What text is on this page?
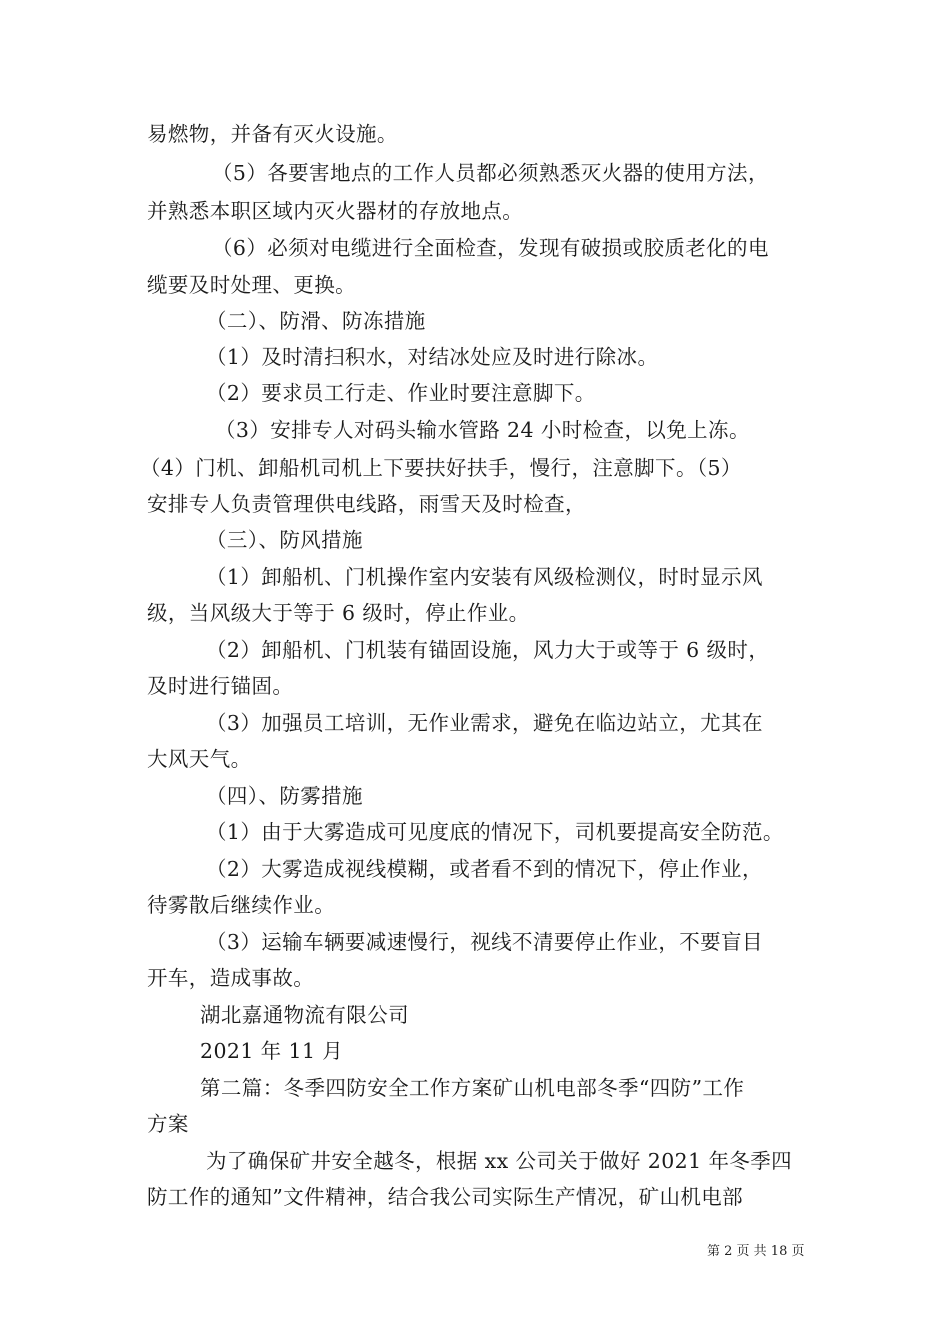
易燃物，并备有灭火设施。
（5）各要害地点的工作人员都必须熟悉灭火器的使用方法，
并熟悉本职区域内灭火器材的存放地点。
（6）必须对电缆进行全面检查，发现有破损或胶质老化的电
缆要及时处理、更换。
（二）、防滑、防冻措施
（1）及时清扫积水，对结冰处应及时进行除冰。
（2）要求员工行走、作业时要注意脚下。
（3）安排专人对码头输水管路 24 小时检查，以免上冻。
（4）门机、卸船机司机上下要扶好扶手，慢行，注意脚下。（5）
安排专人负责管理供电线路，雨雪天及时检查，
（三）、防风措施
（1）卸船机、门机操作室内安装有风级检测仪，时时显示风
级，当风级大于等于 6 级时，停止作业。
（2）卸船机、门机装有锚固设施，风力大于或等于 6 级时，
及时进行锚固。
（3）加强员工培训，无作业需求，避免在临边站立，尤其在
大风天气。
（四）、防雾措施
（1）由于大雾造成可见度底的情况下，司机要提高安全防范。
（2）大雾造成视线模糊，或者看不到的情况下，停止作业，
待雾散后继续作业。
（3）运输车辆要减速慢行，视线不清要停止作业，不要盲目
开车，造成事故。
湖北嘉通物流有限公司
2021 年 11 月
第二篇：冬季四防安全工作方案矿山机电部冬季“四防”工作
方案
为了确保矿井安全越冬，根据 xx 公司关于做好 2021 年冬季四
防工作的通知”文件精神，结合我公司实际生产情况，矿山机电部
第 2 页 共 18 页
